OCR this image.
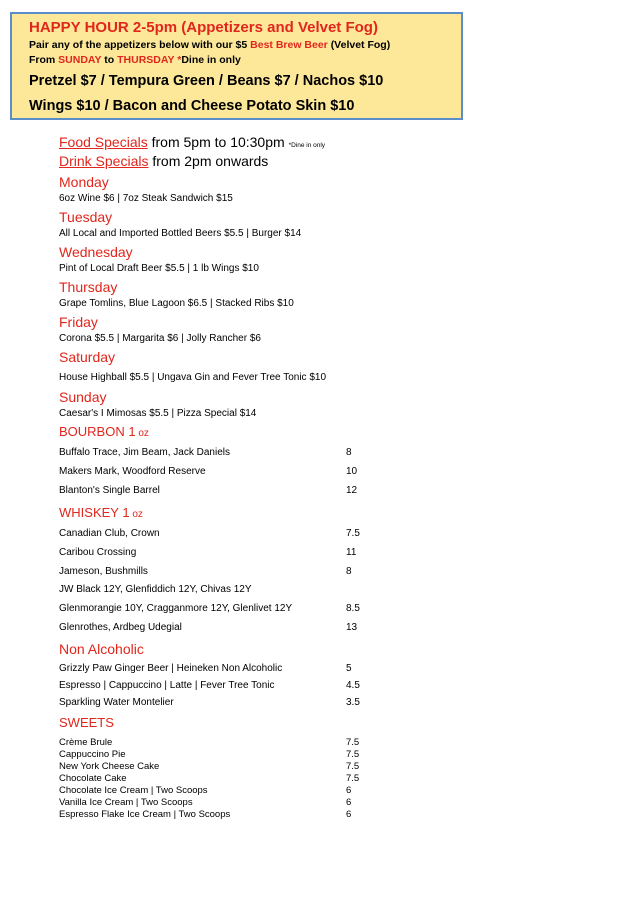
HAPPY HOUR 2-5pm (Appetizers and Velvet Fog)
Pair any of the appetizers below with our $5 Best Brew Beer (Velvet Fog)
From SUNDAY to THURSDAY *Dine in only
Pretzel $7 / Tempura Green / Beans $7 / Nachos $10
Wings $10 / Bacon and Cheese Potato Skin $10
Food Specials from 5pm to 10:30pm *Dine in only
Drink Specials from 2pm onwards
Monday
6oz Wine $6 | 7oz Steak Sandwich $15
Tuesday
All Local and Imported Bottled Beers $5.5 | Burger $14
Wednesday
Pint of Local Draft Beer $5.5 | 1 lb Wings $10
Thursday
Grape Tomlins, Blue Lagoon $6.5 | Stacked Ribs $10
Friday
Corona $5.5 | Margarita $6 | Jolly Rancher $6
Saturday
House Highball $5.5 | Ungava Gin and Fever Tree Tonic $10
Sunday
Caesar's I Mimosas $5.5 | Pizza Special $14
BOURBON 1 oz
Buffalo Trace, Jim Beam, Jack Daniels	8
Makers Mark, Woodford Reserve	10
Blanton's Single Barrel	12
WHISKEY 1 oz
Canadian Club, Crown	7.5
Caribou Crossing	11
Jameson, Bushmills	8
JW Black 12Y, Glenfiddich 12Y, Chivas 12Y
Glenmorangie 10Y, Cragganmore 12Y, Glenlivet 12Y	8.5
Glenrothes, Ardbeg Udegial	13
Non Alcoholic
Grizzly Paw Ginger Beer | Heineken Non Alcoholic	5
Espresso | Cappuccino | Latte | Fever Tree Tonic	4.5
Sparkling Water Montelier	3.5
SWEETS
Crème Brule	7.5
Cappuccino Pie	7.5
New York Cheese Cake	7.5
Chocolate Cake	7.5
Chocolate Ice Cream | Two Scoops	6
Vanilla Ice Cream | Two Scoops	6
Espresso Flake Ice Cream | Two Scoops	6
